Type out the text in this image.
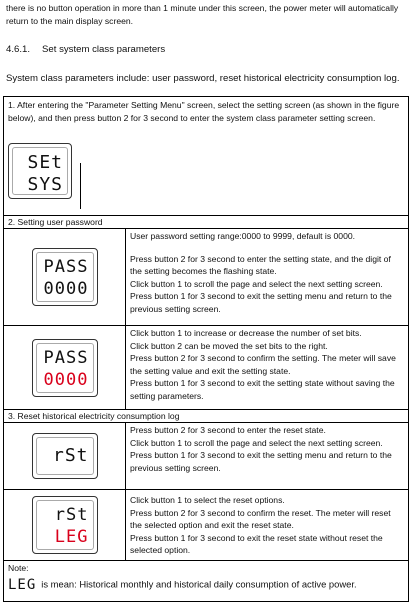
there is no button operation in more than 1 minute under this screen, the power meter will automatically return to the main display screen.
4.6.1. Set system class parameters
System class parameters include: user password, reset historical electricity consumption log.
1. After entering the "Parameter Setting Menu" screen, select the setting screen (as shown in the figure below), and then press button 2 for 3 second to enter the system class parameter setting screen.
SEt
SYS
2. Setting user password
PASS
0000
User password setting range:0000 to 9999, default is 0000.
Press button 2 for 3 second to enter the setting state, and the digit of the setting becomes the flashing state.
Click button 1 to scroll the page and select the next setting screen.
Press button 1 for 3 second to exit the setting menu and return to the previous setting screen.
PASS
0000
Click button 1 to increase or decrease the number of set bits.
Click button 2 can be moved the set bits to the right.
Press button 2 for 3 second to confirm the setting. The meter will save the setting value and exit the setting state.
Press button 1 for 3 second to exit the setting state without saving the setting parameters.
3. Reset historical electricity consumption log
rSt
Press button 2 for 3 second to enter the reset state.
Click button 1 to scroll the page and select the next setting screen.
Press button 1 for 3 second to exit the setting menu and return to the previous setting screen.
rSt
LEG
Click button 1 to select the reset options.
Press button 2 for 3 second to confirm the reset. The meter will reset the selected option and exit the reset state.
Press button 1 for 3 second to exit the reset state without reset the selected option.
Note:
LEG is mean: Historical monthly and historical daily consumption of active power.
